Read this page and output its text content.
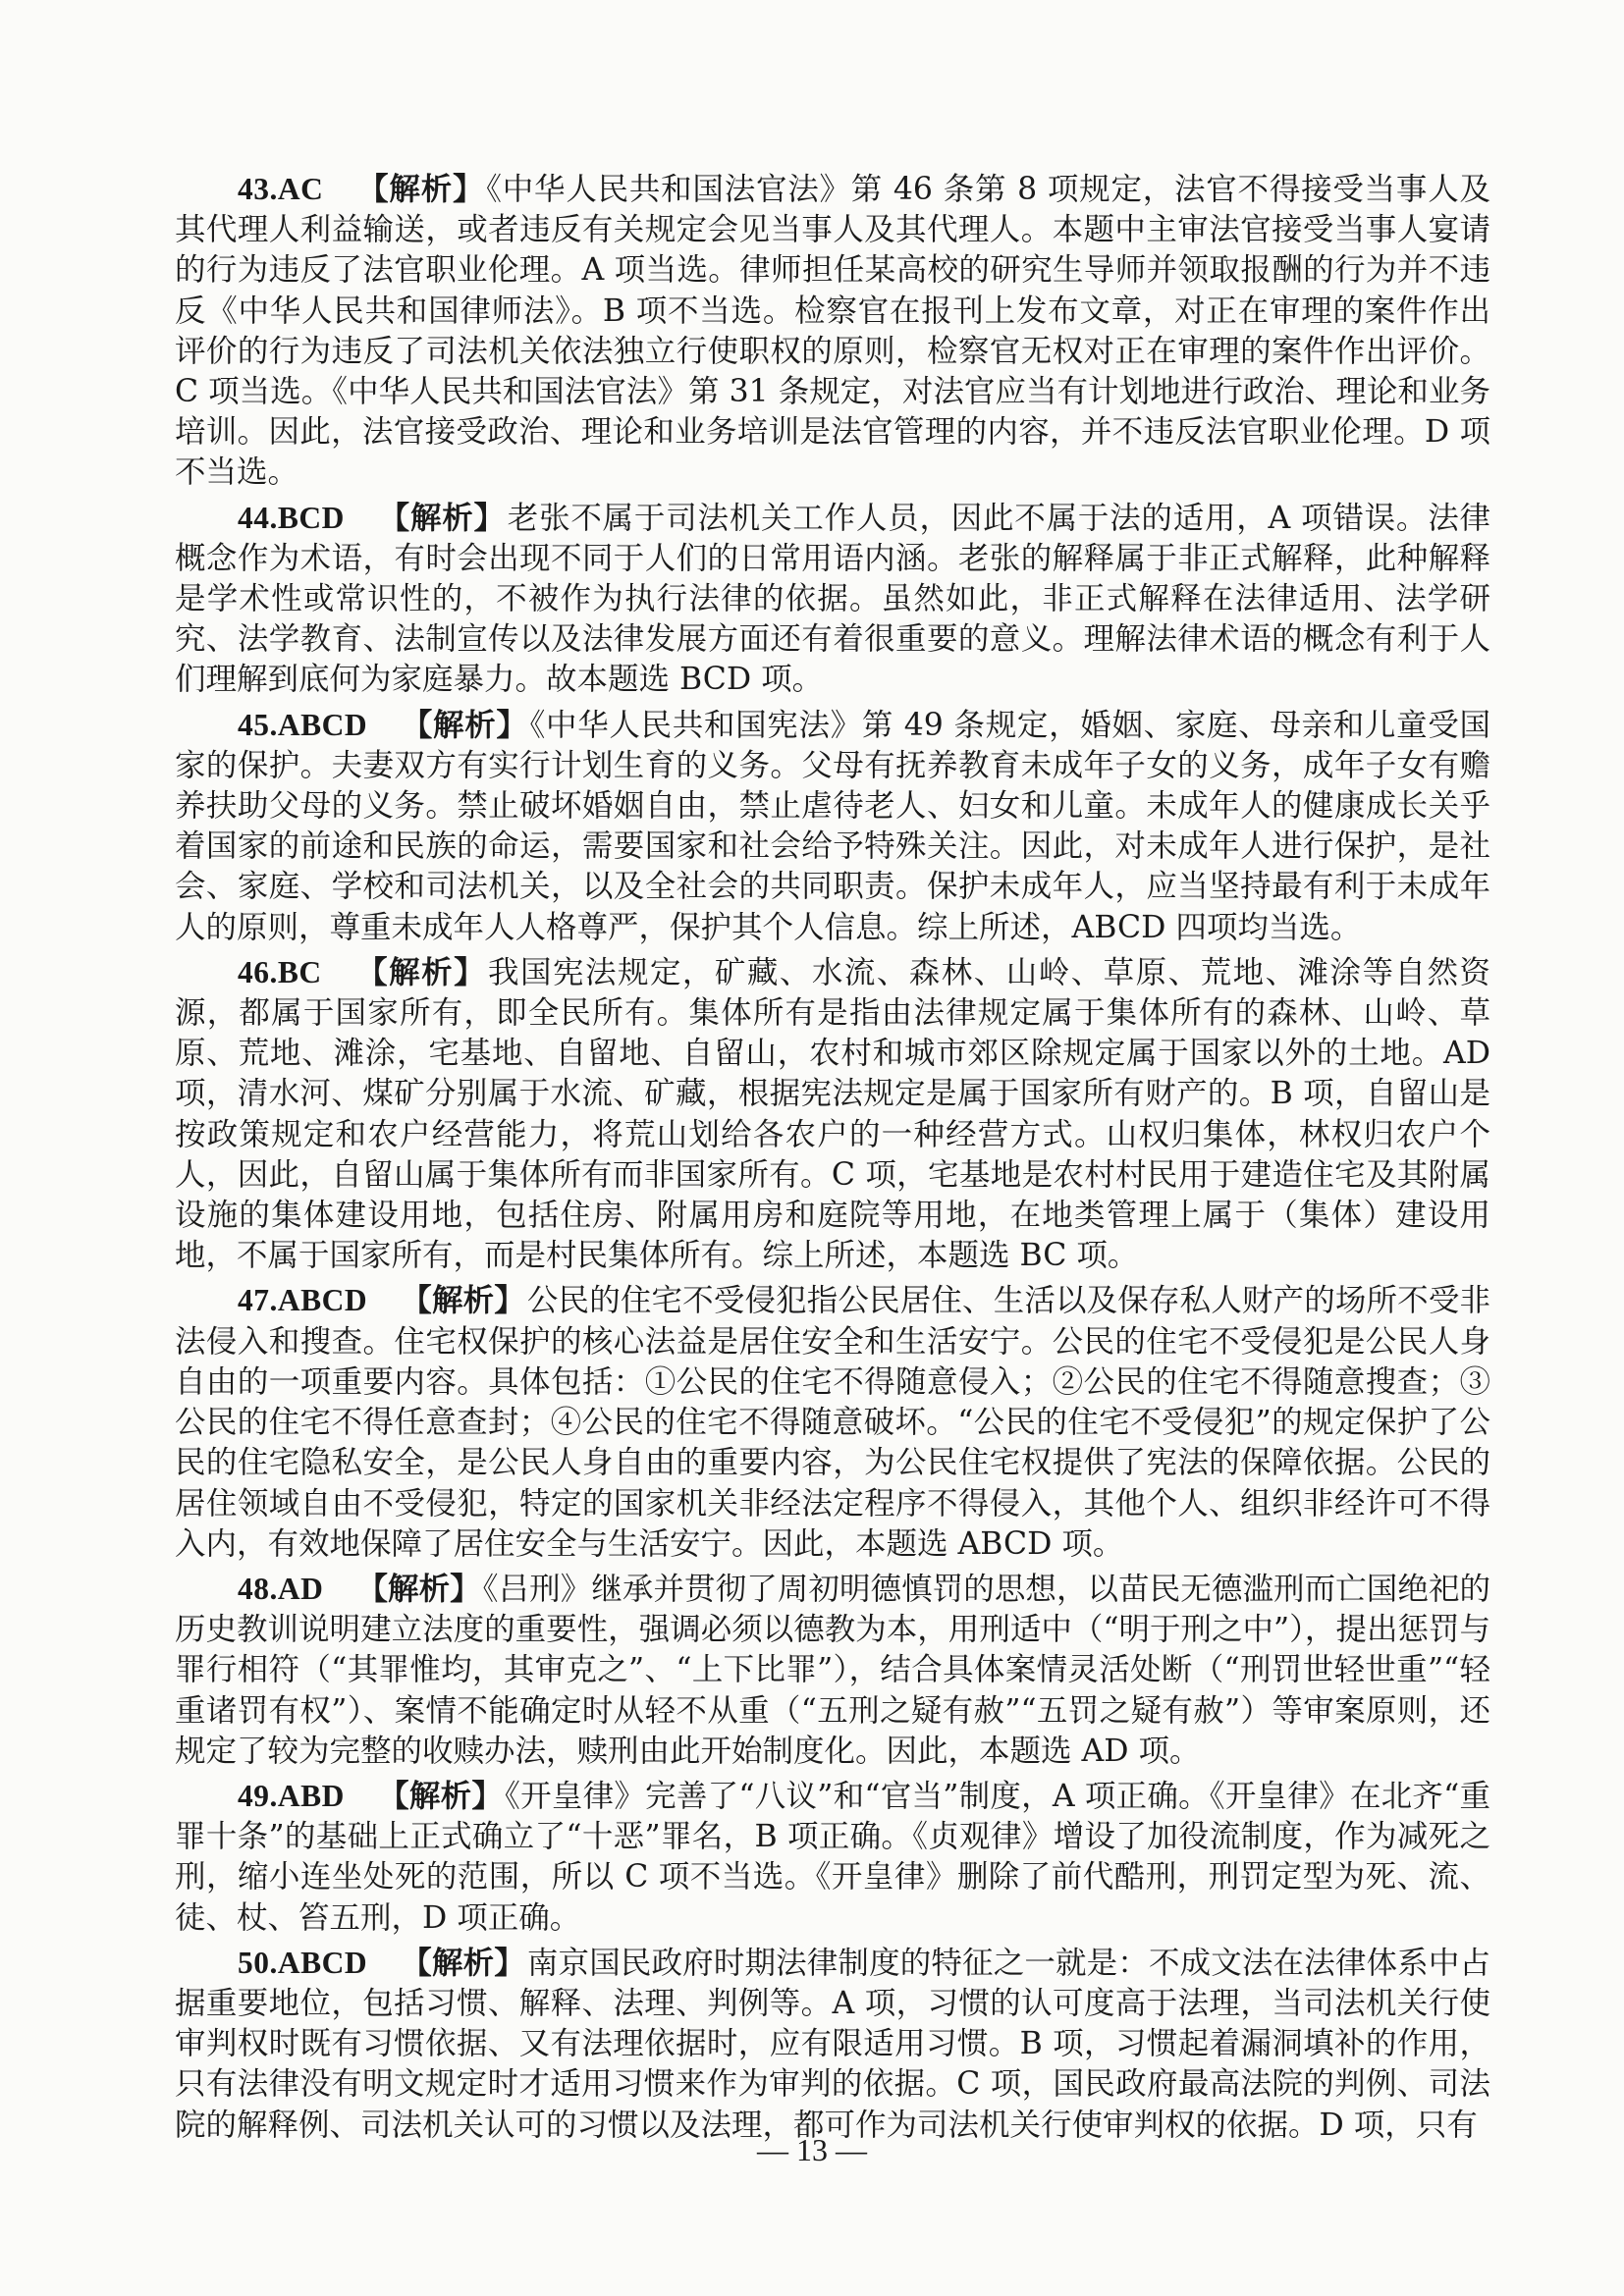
43.AC 【解析】《中华人民共和国法官法》第 46 条第 8 项规定，法官不得接受当事人及其代理人利益输送，或者违反有关规定会见当事人及其代理人。本题中主审法官接受当事人宴请的行为违反了法官职业伦理。A 项当选。律师担任某高校的研究生导师并领取报酬的行为并不违反《中华人民共和国律师法》。B 项不当选。检察官在报刊上发布文章，对正在审理的案件作出评价的行为违反了司法机关依法独立行使职权的原则，检察官无权对正在审理的案件作出评价。C 项当选。《中华人民共和国法官法》第 31 条规定，对法官应当有计划地进行政治、理论和业务培训。因此，法官接受政治、理论和业务培训是法官管理的内容，并不违反法官职业伦理。D 项不当选。

44.BCD 【解析】老张不属于司法机关工作人员，因此不属于法的适用，A 项错误。法律概念作为术语，有时会出现不同于人们的日常用语内涵。老张的解释属于非正式解释，此种解释是学术性或常识性的，不被作为执行法律的依据。虽然如此，非正式解释在法律适用、法学研究、法学教育、法制宣传以及法律发展方面还有着很重要的意义。理解法律术语的概念有利于人们理解到底何为家庭暴力。故本题选 BCD 项。

45.ABCD 【解析】《中华人民共和国宪法》第 49 条规定，婚姻、家庭、母亲和儿童受国家的保护。夫妻双方有实行计划生育的义务。父母有抚养教育未成年子女的义务，成年子女有赡养扶助父母的义务。禁止破坏婚姻自由，禁止虐待老人、妇女和儿童。未成年人的健康成长关乎着国家的前途和民族的命运，需要国家和社会给予特殊关注。因此，对未成年人进行保护，是社会、家庭、学校和司法机关，以及全社会的共同职责。保护未成年人，应当坚持最有利于未成年人的原则，尊重未成年人人格尊严，保护其个人信息。综上所述，ABCD 四项均当选。

46.BC 【解析】我国宪法规定，矿藏、水流、森林、山岭、草原、荒地、滩涂等自然资源，都属于国家所有，即全民所有。集体所有是指由法律规定属于集体所有的森林、山岭、草原、荒地、滩涂，宅基地、自留地、自留山，农村和城市郊区除规定属于国家以外的土地。AD 项，清水河、煤矿分别属于水流、矿藏，根据宪法规定是属于国家所有财产的。B 项，自留山是按政策规定和农户经营能力，将荒山划给各农户的一种经营方式。山权归集体，林权归农户个人，因此，自留山属于集体所有而非国家所有。C 项，宅基地是农村村民用于建造住宅及其附属设施的集体建设用地，包括住房、附属用房和庭院等用地，在地类管理上属于（集体）建设用地，不属于国家所有，而是村民集体所有。综上所述，本题选 BC 项。

47.ABCD 【解析】公民的住宅不受侵犯指公民居住、生活以及保存私人财产的场所不受非法侵入和搜查。住宅权保护的核心法益是居住安全和生活安宁。公民的住宅不受侵犯是公民人身自由的一项重要内容。具体包括：①公民的住宅不得随意侵入；②公民的住宅不得随意搜查；③公民的住宅不得任意查封；④公民的住宅不得随意破坏。“公民的住宅不受侵犯”的规定保护了公民的住宅隐私安全，是公民人身自由的重要内容，为公民住宅权提供了宪法的保障依据。公民的居住领域自由不受侵犯，特定的国家机关非经法定程序不得侵入，其他个人、组织非经许可不得入内，有效地保障了居住安全与生活安宁。因此，本题选 ABCD 项。

48.AD 【解析】《吕刑》继承并贯彻了周初明德慎罚的思想，以苗民无德滥刑而亡国绝祀的历史教训说明建立法度的重要性，强调必须以德教为本，用刑适中（“明于刑之中”），提出惩罚与罪行相符（“其罪惟均，其审克之”、“上下比罪”），结合具体案情灵活处断（“刑罚世轻世重”“轻重诸罚有权”）、案情不能确定时从轻不从重（“五刑之疑有赦”“五罚之疑有赦”）等审案原则，还规定了较为完整的收赎办法，赎刑由此开始制度化。因此，本题选 AD 项。

49.ABD 【解析】《开皇律》完善了“八议”和“官当”制度，A 项正确。《开皇律》在北齐“重罪十条”的基础上正式确立了“十恶”罪名，B 项正确。《贞观律》增设了加役流制度，作为减死之刑，缩小连坐处死的范围，所以 C 项不当选。《开皇律》删除了前代酷刑，刑罚定型为死、流、徒、杖、笞五刑，D 项正确。

50.ABCD 【解析】南京国民政府时期法律制度的特征之一就是：不成文法在法律体系中占据重要地位，包括习惯、解释、法理、判例等。A 项，习惯的认可度高于法理，当司法机关行使审判权时既有习惯依据、又有法理依据时，应有限适用习惯。B 项，习惯起着漏洞填补的作用，只有法律没有明文规定时才适用习惯来作为审判的依据。C 项，国民政府最高法院的判例、司法院的解释例、司法机关认可的习惯以及法理，都可作为司法机关行使审判权的依据。D 项，只有

— 13 —
